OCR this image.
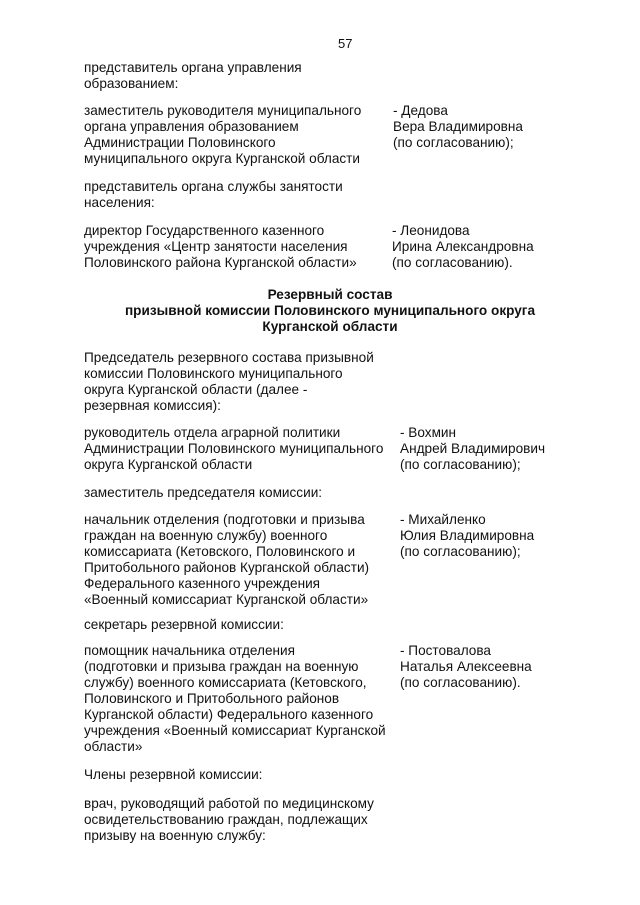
57
представитель органа управления
образованием:
заместитель руководителя муниципального
органа управления образованием
Администрации Половинского
муниципального округа Курганской области
- Дедова
Вера Владимировна
(по согласованию);
представитель органа службы занятости
населения:
директор Государственного казенного
учреждения «Центр занятости населения
Половинского района Курганской области»
- Леонидова
Ирина Александровна
(по согласованию).
Резервный состав
призывной комиссии Половинского муниципального округа
Курганской области
Председатель резервного состава призывной
комиссии Половинского муниципального
округа Курганской области (далее -
резервная комиссия):
руководитель отдела аграрной политики
Администрации Половинского муниципального
округа Курганской области
- Вохмин
Андрей Владимирович
(по согласованию);
заместитель председателя комиссии:
начальник отделения (подготовки и призыва
граждан на военную службу) военного
комиссариата (Кетовского, Половинского и
Притобольного районов Курганской области)
Федерального казенного учреждения
«Военный комиссариат Курганской области»
- Михайленко
Юлия Владимировна
(по согласованию);
секретарь резервной комиссии:
помощник начальника отделения
(подготовки и призыва граждан на военную
службу) военного комиссариата (Кетовского,
Половинского и Притобольного районов
Курганской области) Федерального казенного
учреждения «Военный комиссариат Курганской
области»
- Постовалова
Наталья Алексеевна
(по согласованию).
Члены резервной комиссии:
врач, руководящий работой по медицинскому
освидетельствованию граждан, подлежащих
призыву на военную службу:
